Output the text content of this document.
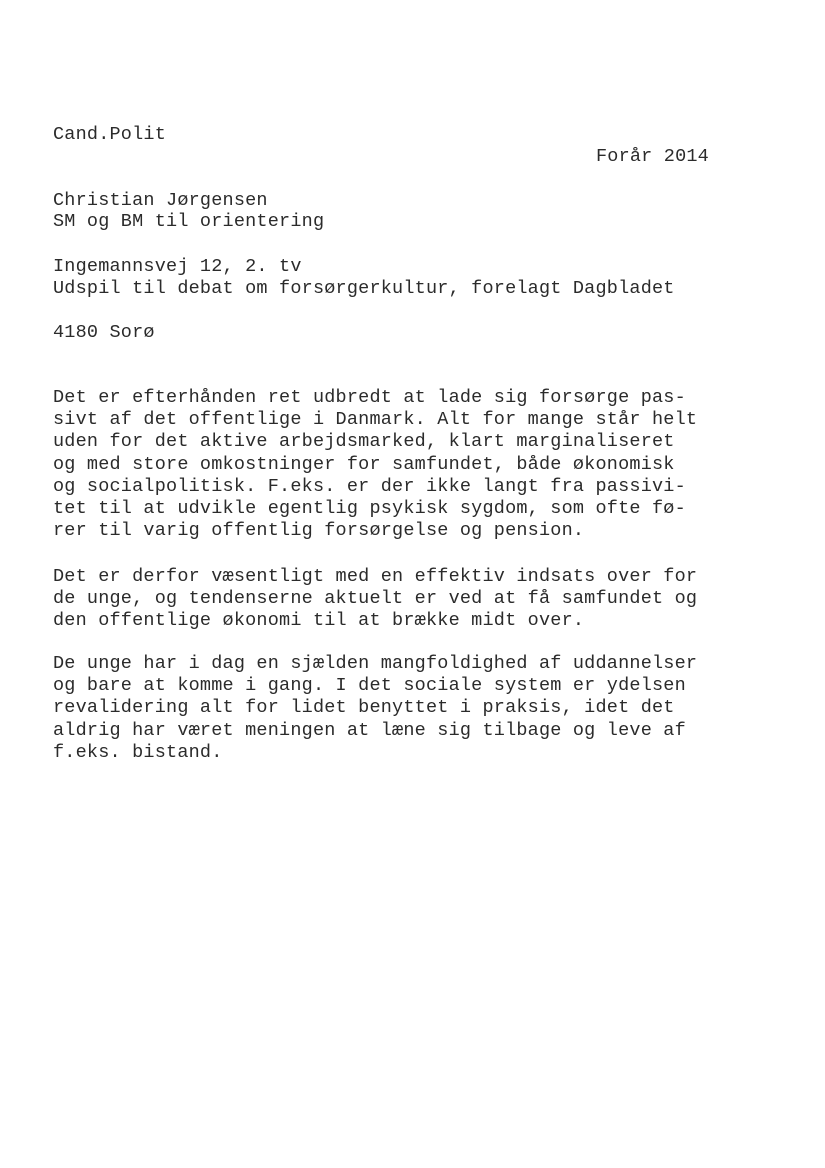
Cand.Polit

Christian Jørgensen

Ingemannsvej 12, 2. tv

4180 Sorø

Forår 2014
SM og BM til orientering
Udspil til debat om forsørgerkultur, forelagt Dagbladet
Det er efterhånden ret udbredt at lade sig forsørge pas-
sivt af det offentlige i Danmark. Alt for mange står helt
uden for det aktive arbejdsmarked, klart marginaliseret
og med store omkostninger for samfundet, både økonomisk
og socialpolitisk. F.eks. er der ikke langt fra passivi-
tet til at udvikle egentlig psykisk sygdom, som ofte fø-
rer til varig offentlig forsørgelse og pension.
Det er derfor væsentligt med en effektiv indsats over for
de unge, og tendenserne aktuelt er ved at få samfundet og
den offentlige økonomi til at brække midt over.
De unge har i dag en sjælden mangfoldighed af uddannelser
og bare at komme i gang. I det sociale system er ydelsen
revalidering alt for lidet benyttet i praksis, idet det
aldrig har været meningen at læne sig tilbage og leve af
f.eks. bistand.
